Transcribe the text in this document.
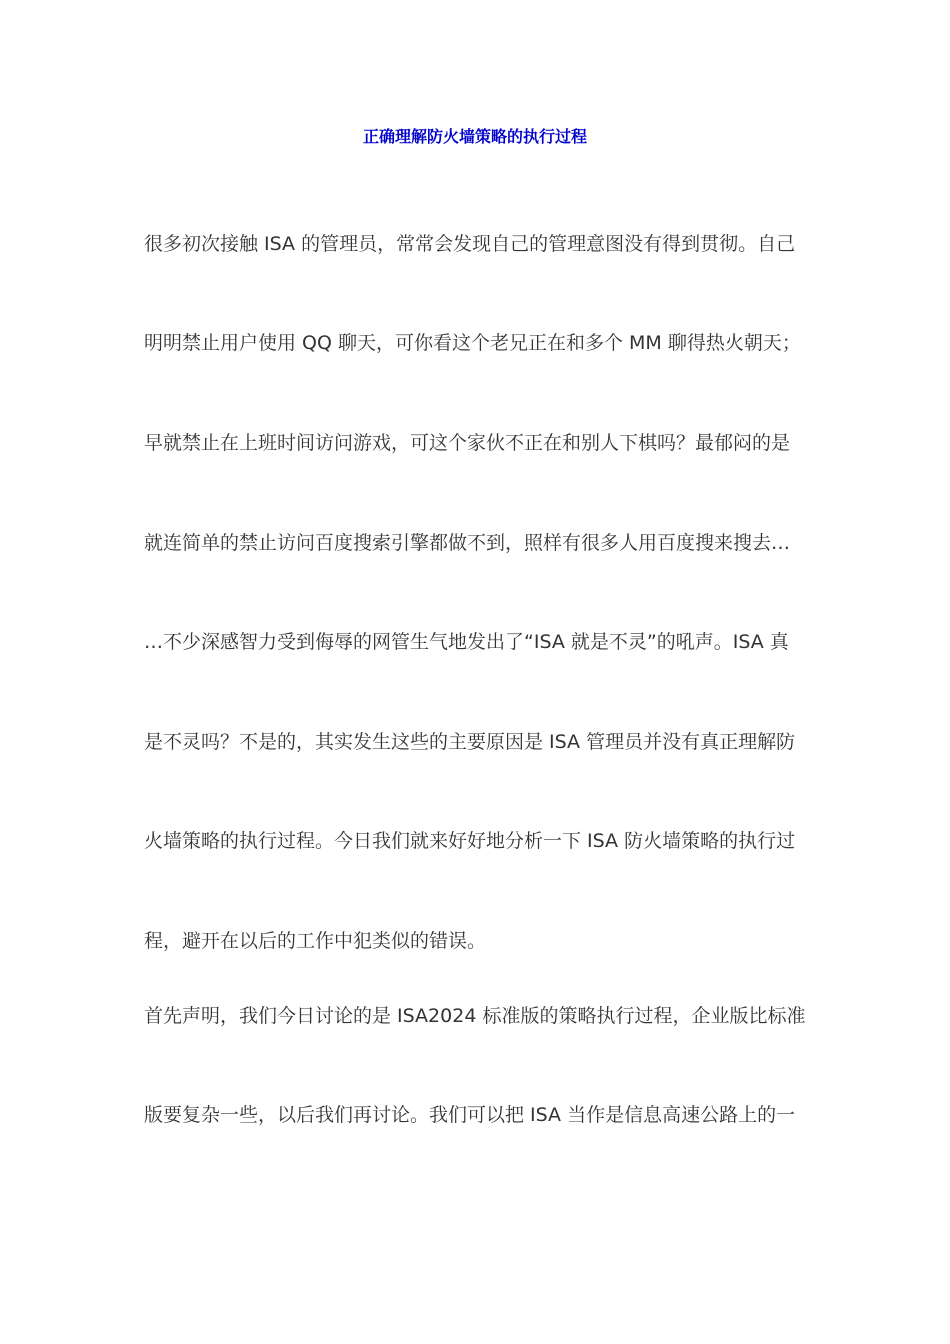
正确理解防火墙策略的执行过程
很多初次接触 ISA 的管理员，常常会发现自己的管理意图没有得到贯彻。自己
明明禁止用户使用 QQ 聊天，可你看这个老兄正在和多个 MM 聊得热火朝天；
早就禁止在上班时间访问游戏，可这个家伙不正在和别人下棋吗？最郁闷的是
就连简单的禁止访问百度搜索引擎都做不到，照样有很多人用百度搜来搜去…
…不少深感智力受到侮辱的网管生气地发出了“ISA 就是不灵”的吼声。ISA 真
是不灵吗？不是的，其实发生这些的主要原因是 ISA 管理员并没有真正理解防
火墙策略的执行过程。今日我们就来好好地分析一下 ISA 防火墙策略的执行过
程，避开在以后的工作中犯类似的错误。
首先声明，我们今日讨论的是 ISA2024 标准版的策略执行过程，企业版比标准
版要复杂一些，以后我们再讨论。我们可以把 ISA 当作是信息高速公路上的一
